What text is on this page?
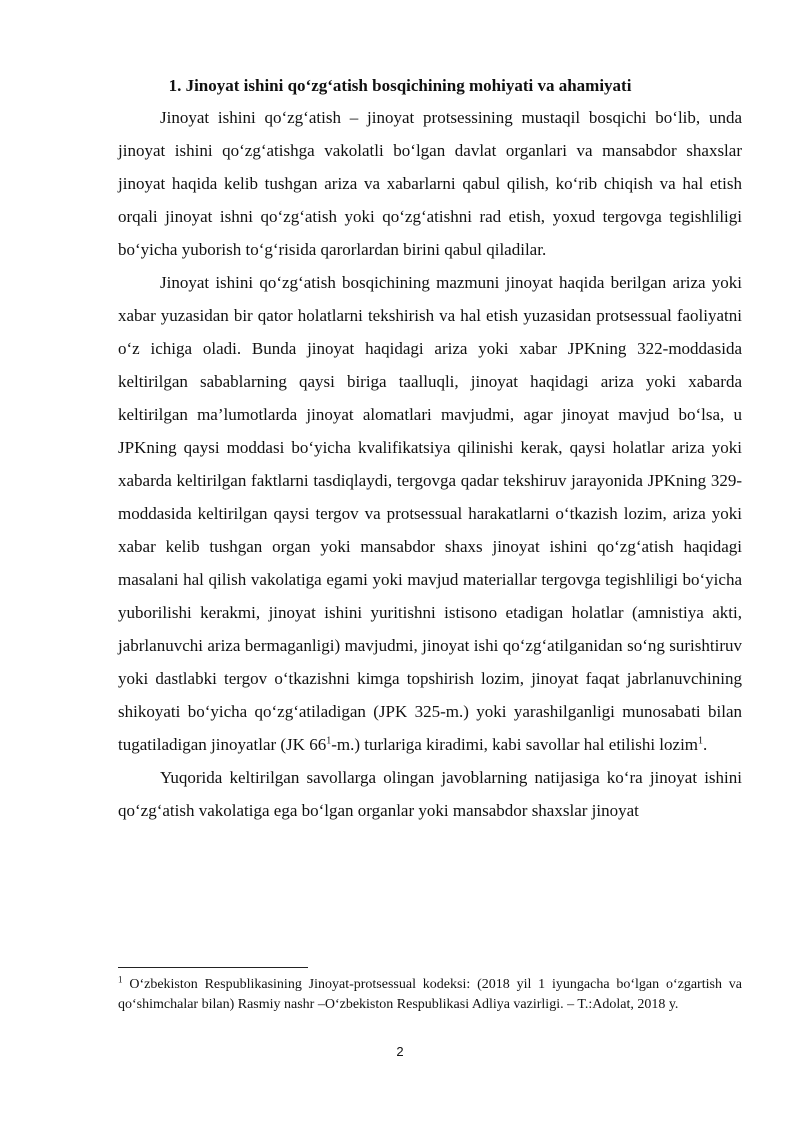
1. Jinoyat ishini qo‘zg‘atish bosqichining mohiyati va ahamiyati

Jinoyat ishini qo‘zg‘atish – jinoyat protsessining mustaqil bosqichi bo‘lib, unda jinoyat ishini qo‘zg‘atishga vakolatli bo‘lgan davlat organlari va mansabdor shaxslar jinoyat haqida kelib tushgan ariza va xabarlarni qabul qilish, ko‘rib chiqish va hal etish orqali jinoyat ishni qo‘zg‘atish yoki qo‘zg‘atishni rad etish, yoxud tergovga tegishliligi bo‘yicha yuborish to‘g‘risida qarorlardan birini qabul qiladilar.

Jinoyat ishini qo‘zg‘atish bosqichining mazmuni jinoyat haqida berilgan ariza yoki xabar yuzasidan bir qator holatlarni tekshirish va hal etish yuzasidan protsessual faoliyatni o‘z ichiga oladi. Bunda jinoyat haqidagi ariza yoki xabar JPKning 322-moddasida keltirilgan sabablarning qaysi biriga taalluqli, jinoyat haqidagi ariza yoki xabarda keltirilgan ma’lumotlarda jinoyat alomatlari mavjudmi, agar jinoyat mavjud bo‘lsa, u JPKning qaysi moddasi bo‘yicha kvalifikatsiya qilinishi kerak, qaysi holatlar ariza yoki xabarda keltirilgan faktlarni tasdiqlaydi, tergovga qadar tekshiruv jarayonida JPKning 329-moddasida keltirilgan qaysi tergov va protsessual harakatlarni o‘tkazish lozim, ariza yoki xabar kelib tushgan organ yoki mansabdor shaxs jinoyat ishini qo‘zg‘atish haqidagi masalani hal qilish vakolatiga egami yoki mavjud materiallar tergovga tegishliligi bo‘yicha yuborilishi kerakmi, jinoyat ishini yuritishni istisono etadigan holatlar (amnistiya akti, jabrlanuvchi ariza bermaganligi) mavjudmi, jinoyat ishi qo‘zg‘atilganidan so‘ng surishtiruv yoki dastlabki tergov o‘tkazishni kimga topshirish lozim, jinoyat faqat jabrlanuvchining shikoyati bo‘yicha qo‘zg‘atiladigan (JPK 325-m.) yoki yarashilganligi munosabati bilan tugatiladigan jinoyatlar (JK $66^1-m$.) turlariga kiradimi, kabi savollar hal etilishi lozim$^1$.

Yuqorida keltirilgan savollarga olingan javoblarning natijasiga ko‘ra jinoyat ishini qo‘zg‘atish vakolatiga ega bo‘lgan organlar yoki mansabdor shaxslar jinoyat

$^1$ O‘zbekiston Respublikasining Jinoyat-protsessual kodeksi: (2018 yil 1 iyungacha bo‘lgan o‘zgartish va qo‘shimchalar bilan) Rasmiy nashr –O‘zbekiston Respublikasi Adliya vazirligi. – T.:Adolat, 2018 y.

2
